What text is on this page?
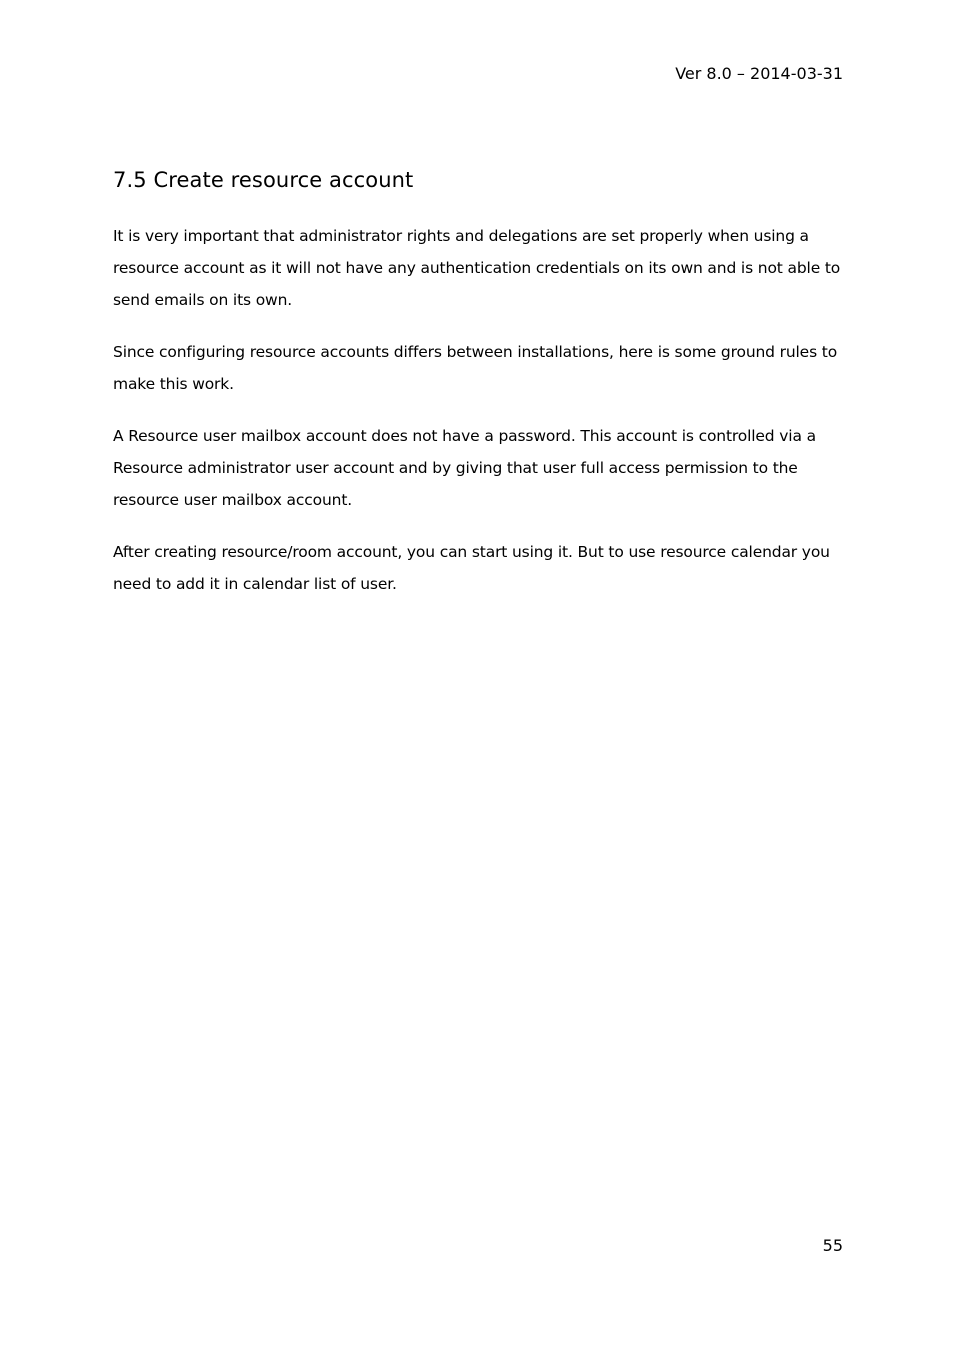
Ver 8.0 – 2014-03-31
7.5 Create resource account

It is very important that administrator rights and delegations are set properly when using a resource account as it will not have any authentication credentials on its own and is not able to send emails on its own.

Since configuring resource accounts differs between installations, here is some ground rules to make this work.

A Resource user mailbox account does not have a password. This account is controlled via a Resource administrator user account and by giving that user full access permission to the resource user mailbox account.

After creating resource/room account, you can start using it. But to use resource calendar you need to add it in calendar list of user.

55
